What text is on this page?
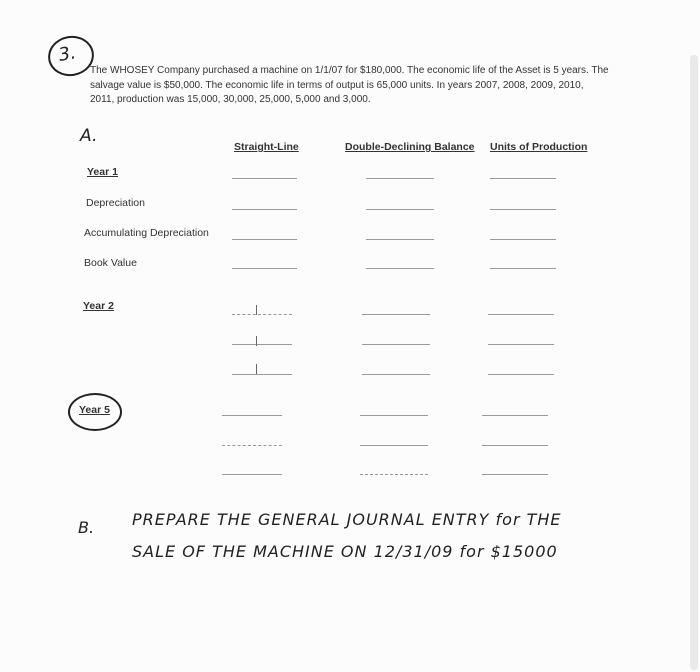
3.
The WHOSEY Company purchased a machine on 1/1/07 for $180,000. The economic life of the Asset is 5 years. The salvage value is $50,000. The economic life in terms of output is 65,000 units. In years 2007, 2008, 2009, 2010, 2011, production was 15,000, 30,000, 25,000, 5,000 and 3,000.
A.
Straight-Line	Double-Declining Balance Units of Production
Year 1
Depreciation
Accumulating Depreciation
Book Value
Year 2
Year 5
B. PREPARE THE GENERAL JOURNAL ENTRY for THE
SALE OF THE MACHINE ON 12/31/09 for $15000
